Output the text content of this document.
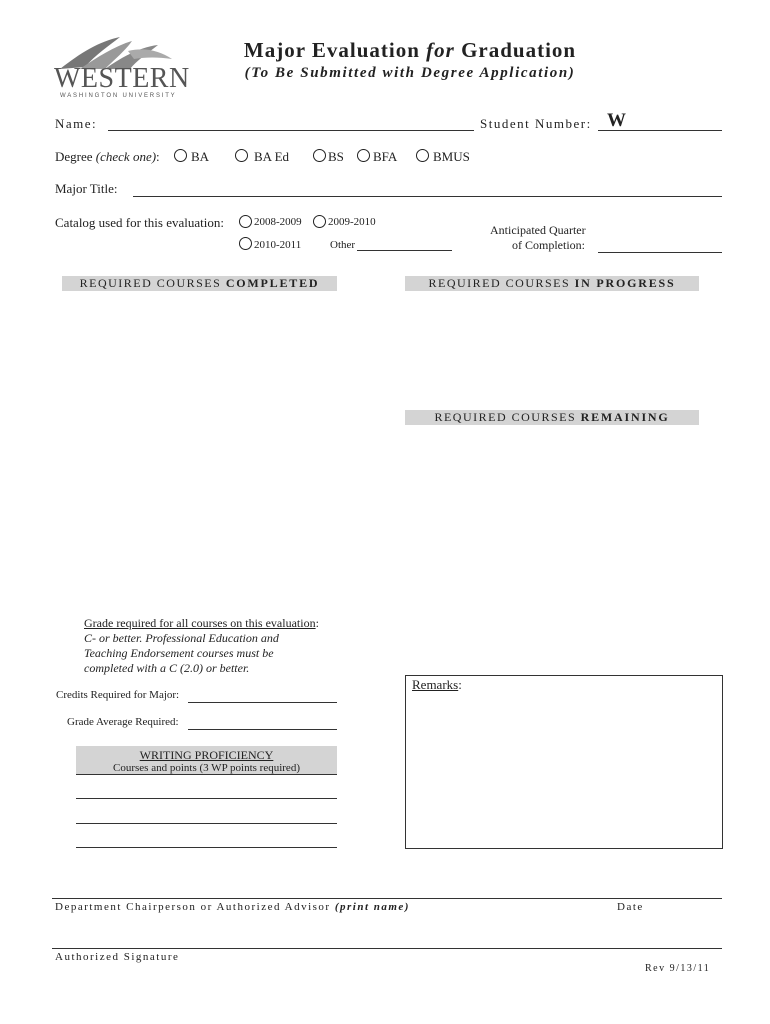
WESTERN
WASHINGTON UNIVERSITY
Major Evaluation for Graduation
(To Be Submitted with Degree Application)
Name:	Student Number: W
Degree (check one): BA	BA Ed	BS BFA	BMUS
Major Title:
Catalog used for this evaluation:	2008-2009 2009-2010
2010-2011	Other
Anticipated Quarter
of Completion:
REQUIRED COURSES COMPLETED	REQUIRED COURSES IN PROGRESS
REQUIRED COURSES REMAINING
Grade required for all courses on this evaluation:
C- or better. Professional Education and
Teaching Endorsement courses must be
completed with a C (2.0) or better.
Credits Required for Major:
Grade Average Required:
WRITING PROFICIENCY
Courses and points (3 WP points required)
Remarks:
Department Chairperson or Authorized Advisor (print name)	Date
Authorized Signature
Rev 9/13/11
